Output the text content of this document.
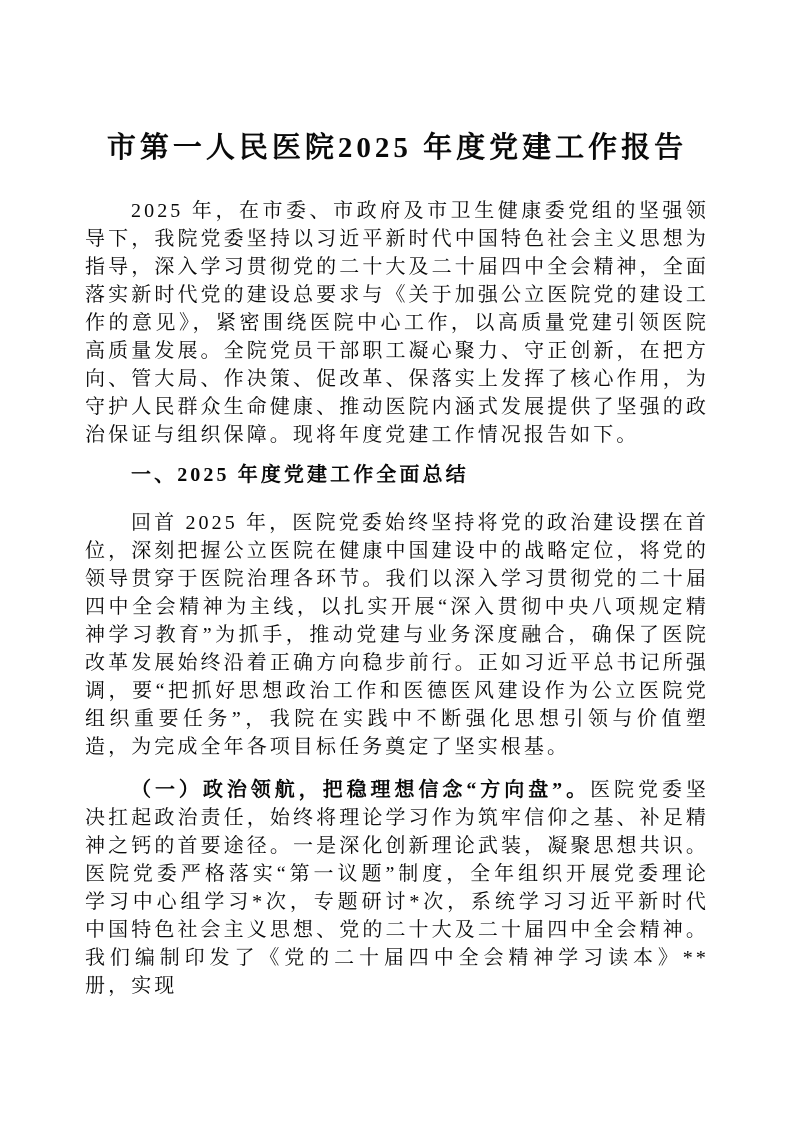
市第一人民医院2025 年度党建工作报告

2025 年，在市委、市政府及市卫生健康委党组的坚强领导下，我院党委坚持以习近平新时代中国特色社会主义思想为指导，深入学习贯彻党的二十大及二十届四中全会精神，全面落实新时代党的建设总要求与《关于加强公立医院党的建设工作的意见》，紧密围绕医院中心工作，以高质量党建引领医院高质量发展。全院党员干部职工凝心聚力、守正创新，在把方向、管大局、作决策、促改革、保落实上发挥了核心作用，为守护人民群众生命健康、推动医院内涵式发展提供了坚强的政治保证与组织保障。现将年度党建工作情况报告如下。

一、2025 年度党建工作全面总结

回首 2025 年，医院党委始终坚持将党的政治建设摆在首位，深刻把握公立医院在健康中国建设中的战略定位，将党的领导贯穿于医院治理各环节。我们以深入学习贯彻党的二十届四中全会精神为主线，以扎实开展“深入贯彻中央八项规定精神学习教育”为抓手，推动党建与业务深度融合，确保了医院改革发展始终沿着正确方向稳步前行。正如习近平总书记所强调，要“把抓好思想政治工作和医德医风建设作为公立医院党组织重要任务”，我院在实践中不断强化思想引领与价值塑造，为完成全年各项目标任务奠定了坚实根基。

（一）政治领航，把稳理想信念“方向盘”。医院党委坚决扛起政治责任，始终将理论学习作为筑牢信仰之基、补足精神之钙的首要途径。一是深化创新理论武装，凝聚思想共识。医院党委严格落实“第一议题”制度，全年组织开展党委理论学习中心组学习*次，专题研讨*次，系统学习习近平新时代中国特色社会主义思想、党的二十大及二十届四中全会精神。我们编制印发了《党的二十届四中全会精神学习读本》**册，实现
